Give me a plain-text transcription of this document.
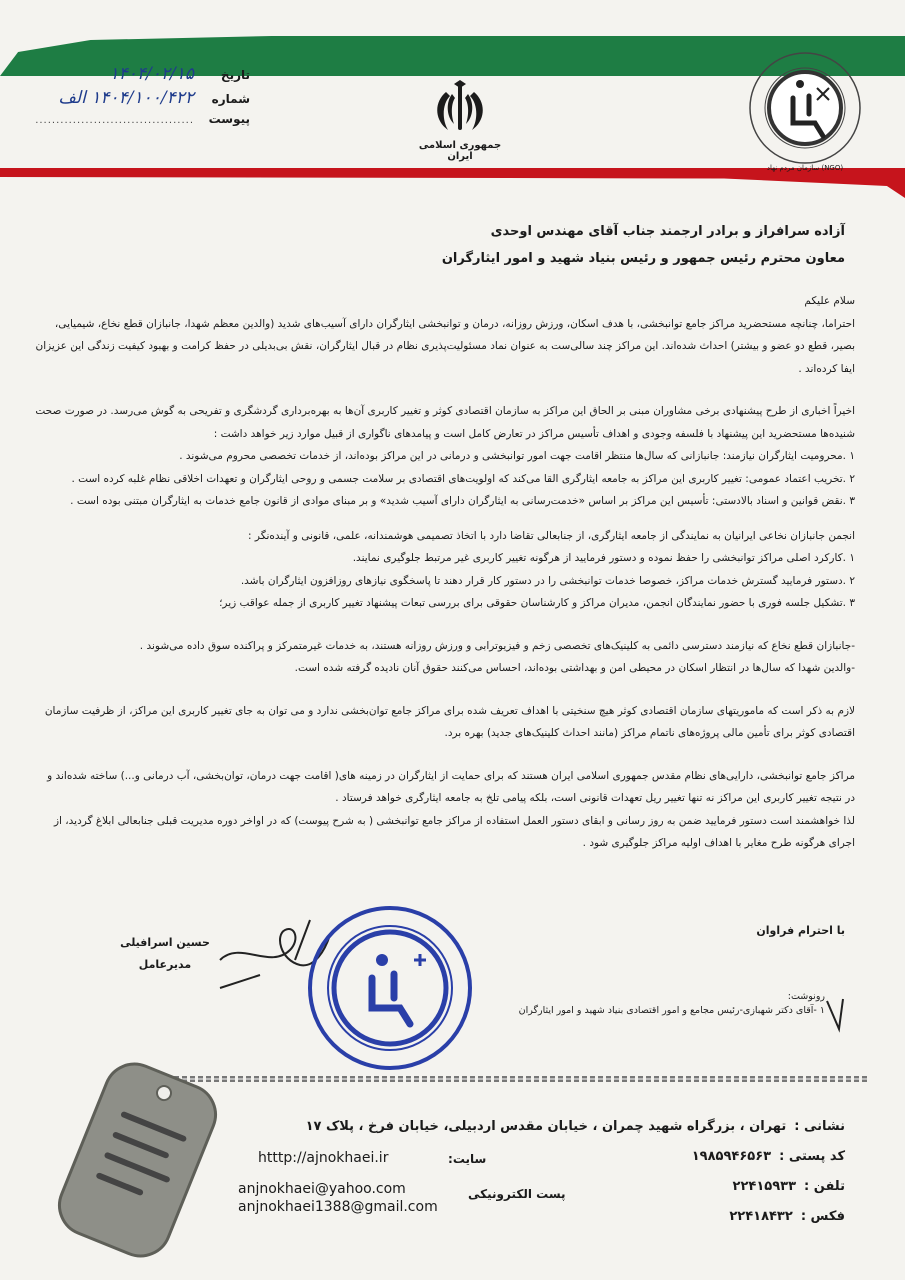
تاریخ
۱۴۰۴/۰۲/۱۵
شماره
۱۴۰۴/۱۰۰/۴۲۲ الف
پیوست
......................................
جمهوری اسلامی ایران
سازمان مردم نهاد (NGO)
آزاده سرافراز و برادر ارجمند جناب آقای مهندس اوحدی
معاون محترم رئیس جمهور و رئیس بنیاد شهید و امور ایثارگران

سلام علیکم

احتراما، چنانچه مستحضرید مراکز جامع توانبخشی، با هدف اسکان، ورزش روزانه، درمان و توانبخشی ایثارگران دارای آسیب‌های شدید (والدین معظم شهدا، جانبازان قطع نخاع، شیمیایی، بصیر، قطع دو عضو و بیشتر) احداث شده‌اند. این مراکز چند سالی‌ست به عنوان نماد مسئولیت‌پذیری نظام در قبال ایثارگران، نقش بی‌بدیلی در حفظ کرامت و بهبود کیفیت زندگی این عزیزان ایفا کرده‌اند .

اخیراً اخباری از طرح پیشنهادی برخی مشاوران مبنی بر الحاق این مراکز به سازمان اقتصادی کوثر و تغییر کاربری آن‌ها به بهره‌برداری گردشگری و تفریحی به گوش می‌رسد. در صورت صحت شنیده‌ها مستحضرید این پیشنهاد با فلسفه وجودی و اهداف تأسیس مراکز در تعارض کامل است و پیامدهای ناگواری از قبیل موارد زیر خواهد داشت :

۱ .محرومیت ایثارگران نیازمند: جانبازانی که سال‌ها منتظر اقامت جهت امور توانبخشی و درمانی در این مراکز بوده‌اند، از خدمات تخصصی محروم می‌شوند .

۲ .تخریب اعتماد عمومی: تغییر کاربری این مراکز به جامعه ایثارگری القا می‌کند که اولویت‌های اقتصادی بر سلامت جسمی و روحی ایثارگران و تعهدات اخلاقی نظام غلبه کرده است .

۳ .نقض قوانین و اسناد بالادستی: تأسیس این مراکز بر اساس «خدمت‌رسانی به ایثارگران دارای آسیب شدید» و بر مبنای موادی از قانون جامع خدمات به ایثارگران مبتنی بوده است .

انجمن جانبازان نخاعی ایرانیان به نمایندگی از جامعه ایثارگری، از جنابعالی تقاضا دارد با اتخاذ تصمیمی هوشمندانه، علمی، قانونی و آینده‌نگر :

۱ .کارکرد اصلی مراکز توانبخشی را حفظ نموده و دستور فرمایید از هرگونه تغییر کاربری غیر مرتبط جلوگیری نمایند.

۲ .دستور فرمایید گسترش خدمات مراکز، خصوصا خدمات توانبخشی را در دستور کار قرار دهند تا پاسخگوی نیازهای روزافزون ایثارگران باشد.

۳ .تشکیل جلسه فوری با حضور نمایندگان انجمن، مدیران مراکز و کارشناسان حقوقی برای بررسی تبعات پیشنهاد تغییر کاربری از جمله عواقب زیر؛

-جانبازان قطع نخاع که نیازمند دسترسی دائمی به کلینیک‌های تخصصی زخم و فیزیوترابی و ورزش روزانه هستند، به خدمات غیرمتمرکز و پراکنده سوق داده می‌شوند .

-والدین شهدا که سال‌ها در انتظار اسکان در محیطی امن و بهداشتی بوده‌اند، احساس می‌کنند حقوق آنان نادیده گرفته شده است.

لازم به ذکر است که ماموریتهای سازمان اقتصادی کوثر هیچ سنخیتی با اهداف تعریف شده برای مراکز جامع توان‌بخشی ندارد و می توان به جای تغییر کاربری این مراکز، از ظرفیت سازمان اقتصادی کوثر برای تأمین مالی پروژه‌های ناتمام مراکز (مانند احداث کلینیک‌های جدید) بهره برد.

مراکز جامع توانبخشی، دارایی‌های نظام مقدس جمهوری اسلامی ایران هستند که برای حمایت از ایثارگران در زمینه های( اقامت جهت درمان، توان‌بخشی، آب درمانی و...) ساخته شده‌اند و در نتیجه تغییر کاربری این مراکز نه تنها تغییر ریل تعهدات قانونی است، بلکه پیامی تلخ به جامعه ایثارگری خواهد فرستاد .

لذا خواهشمند است دستور فرمایید ضمن به روز رسانی و ابقای دستور العمل استفاده از مراکز جامع توانبخشی ( به شرح پیوست) که در اواخر دوره مدیریت قبلی جنابعالی ابلاغ گردید، از اجرای هرگونه طرح مغایر با اهداف اولیه مراکز جلوگیری شود .

با احترام فراوان
حسین اسرافیلی
مدیرعامل
رونوشت:
۱ -آقای دکتر شهبازی-رئیس مجامع و امور اقتصادی بنیاد شهید و امور ایثارگران
نشانی :
تهران ، بزرگراه شهید چمران ، خیابان مقدس اردبیلی، خیابان فرخ ، پلاک ۱۷
کد پستی :
۱۹۸۵۹۴۶۵۶۳
تلفن :
۲۲۴۱۵۹۳۳
فکس :
۲۲۴۱۸۴۳۲
htttp://ajnokhaei.ir	:سایت
anjnokhaei@yahoo.com
anjnokhaei1388@gmail.com
پست الکترونیکی
